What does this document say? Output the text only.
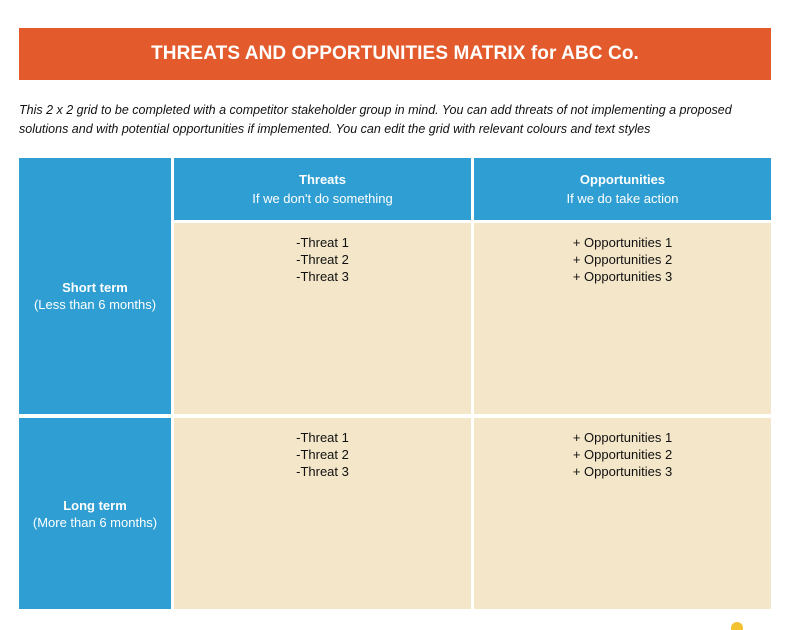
THREATS AND OPPORTUNITIES MATRIX for ABC Co.
This 2 x 2 grid to be completed with a competitor stakeholder group in mind. You can add threats of not implementing a proposed solutions and with potential opportunities if implemented. You can edit the grid with relevant colours and text styles
Threats
If we don't do something
Opportunities
If we do take action
Short term
(Less than 6 months)
-Threat 1
-Threat 2
-Threat 3
+ Opportunities 1
+ Opportunities 2
+ Opportunities 3
Long term
(More than 6 months)
-Threat 1
-Threat 2
-Threat 3
+ Opportunities 1
+ Opportunities 2
+ Opportunities 3
